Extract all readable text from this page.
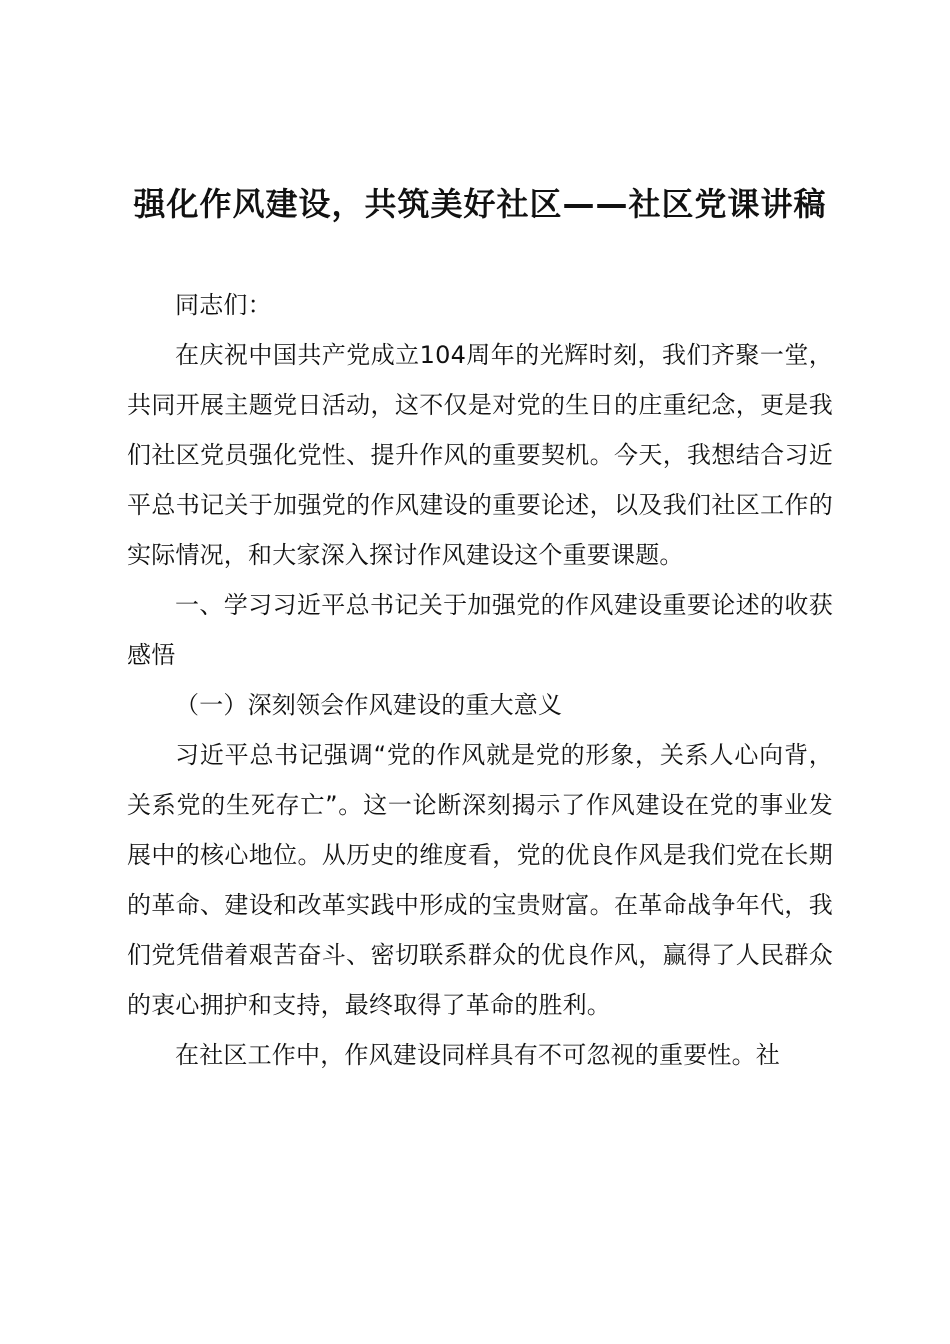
强化作风建设，共筑美好社区——社区党课讲稿

同志们：

在庆祝中国共产党成立104周年的光辉时刻，我们齐聚一堂，共同开展主题党日活动，这不仅是对党的生日的庄重纪念，更是我们社区党员强化党性、提升作风的重要契机。今天，我想结合习近平总书记关于加强党的作风建设的重要论述，以及我们社区工作的实际情况，和大家深入探讨作风建设这个重要课题。

一、学习习近平总书记关于加强党的作风建设重要论述的收获感悟

（一）深刻领会作风建设的重大意义

习近平总书记强调“党的作风就是党的形象，关系人心向背，关系党的生死存亡”。这一论断深刻揭示了作风建设在党的事业发展中的核心地位。从历史的维度看，党的优良作风是我们党在长期的革命、建设和改革实践中形成的宝贵财富。在革命战争年代，我们党凭借着艰苦奋斗、密切联系群众的优良作风，赢得了人民群众的衷心拥护和支持，最终取得了革命的胜利。

在社区工作中，作风建设同样具有不可忽视的重要性。社
